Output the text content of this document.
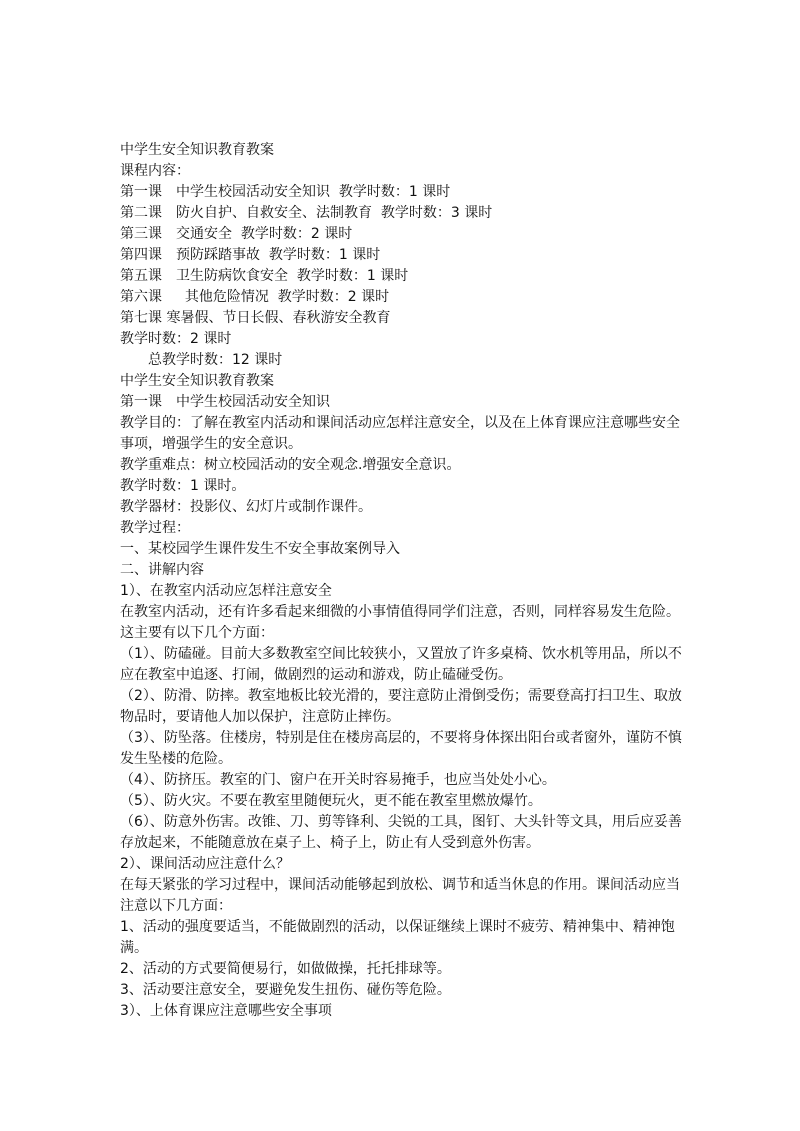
中学生安全知识教育教案
课程内容：
第一课　中学生校园活动安全知识  教学时数：1 课时
第二课　防火自护、自救安全、法制教育  教学时数：3 课时
第三课　交通安全  教学时数：2 课时
第四课　预防踩踏事故  教学时数：1 课时
第五课　卫生防病饮食安全  教学时数：1 课时
第六课　  其他危险情况  教学时数：2 课时
第七课 寒暑假、节日长假、春秋游安全教育
教学时数：2 课时
总教学时数：12 课时
中学生安全知识教育教案
第一课　中学生校园活动安全知识
教学目的：了解在教室内活动和课间活动应怎样注意安全，以及在上体育课应注意哪些安全
事项，增强学生的安全意识。
教学重难点：树立校园活动的安全观念.增强安全意识。
教学时数：1 课时。
教学器材：投影仪、幻灯片或制作课件。
教学过程：
一、某校园学生课件发生不安全事故案例导入
二、讲解内容
1）、在教室内活动应怎样注意安全
在教室内活动，还有许多看起来细微的小事情值得同学们注意，否则，同样容易发生危险。
这主要有以下几个方面：
（1）、防磕碰。目前大多数教室空间比较狭小，又置放了许多桌椅、饮水机等用品，所以不
应在教室中追逐、打闹，做剧烈的运动和游戏，防止磕碰受伤。
（2）、防滑、防摔。教室地板比较光滑的，要注意防止滑倒受伤；需要登高打扫卫生、取放
物品时，要请他人加以保护，注意防止摔伤。
（3）、防坠落。住楼房，特别是住在楼房高层的，不要将身体探出阳台或者窗外，谨防不慎
发生坠楼的危险。
（4）、防挤压。教室的门、窗户在开关时容易掩手，也应当处处小心。
（5）、防火灾。不要在教室里随便玩火，更不能在教室里燃放爆竹。
（6）、防意外伤害。改锥、刀、剪等锋利、尖锐的工具，图钉、大头针等文具，用后应妥善
存放起来，不能随意放在桌子上、椅子上，防止有人受到意外伤害。
2）、课间活动应注意什么？
在每天紧张的学习过程中，课间活动能够起到放松、调节和适当休息的作用。课间活动应当
注意以下几方面：
1、活动的强度要适当，不能做剧烈的活动，以保证继续上课时不疲劳、精神集中、精神饱
满。
2、活动的方式要简便易行，如做做操，托托排球等。
3、活动要注意安全，要避免发生扭伤、碰伤等危险。
3）、上体育课应注意哪些安全事项
